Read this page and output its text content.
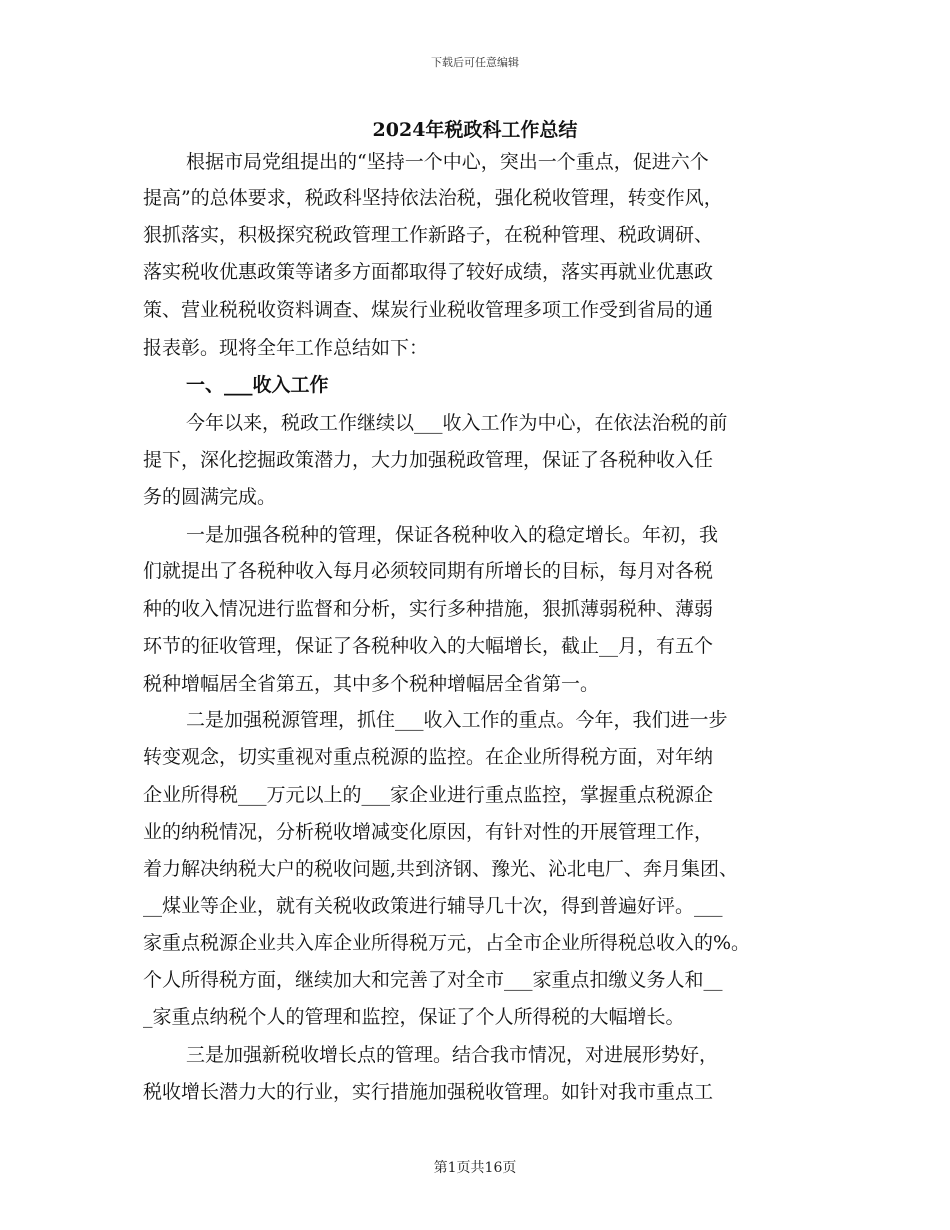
下载后可任意编辑
2024年税政科工作总结
根据市局党组提出的“坚持一个中心，突出一个重点，促进六个
提高”的总体要求，税政科坚持依法治税，强化税收管理，转变作风，
狠抓落实，积极探究税政管理工作新路子，在税种管理、税政调研、
落实税收优惠政策等诸多方面都取得了较好成绩，落实再就业优惠政
策、营业税税收资料调查、煤炭行业税收管理多项工作受到省局的通
报表彰。现将全年工作总结如下：
一、___收入工作
今年以来，税政工作继续以___收入工作为中心，在依法治税的前
提下，深化挖掘政策潜力，大力加强税政管理，保证了各税种收入任
务的圆满完成。
一是加强各税种的管理，保证各税种收入的稳定增长。年初，我
们就提出了各税种收入每月必须较同期有所增长的目标，每月对各税
种的收入情况进行监督和分析，实行多种措施，狠抓薄弱税种、薄弱
环节的征收管理，保证了各税种收入的大幅增长，截止__月，有五个
税种增幅居全省第五，其中多个税种增幅居全省第一。
二是加强税源管理，抓住___收入工作的重点。今年，我们进一步
转变观念，切实重视对重点税源的监控。在企业所得税方面，对年纳
企业所得税___万元以上的___家企业进行重点监控，掌握重点税源企
业的纳税情况，分析税收增减变化原因，有针对性的开展管理工作，
着力解决纳税大户的税收问题,共到济钢、豫光、沁北电厂、奔月集团、
__煤业等企业，就有关税收政策进行辅导几十次，得到普遍好评。___
家重点税源企业共入库企业所得税万元，占全市企业所得税总收入的%。
个人所得税方面，继续加大和完善了对全市___家重点扣缴义务人和__
_家重点纳税个人的管理和监控，保证了个人所得税的大幅增长。
三是加强新税收增长点的管理。结合我市情况，对进展形势好，
税收增长潜力大的行业，实行措施加强税收管理。如针对我市重点工
第1页共16页
